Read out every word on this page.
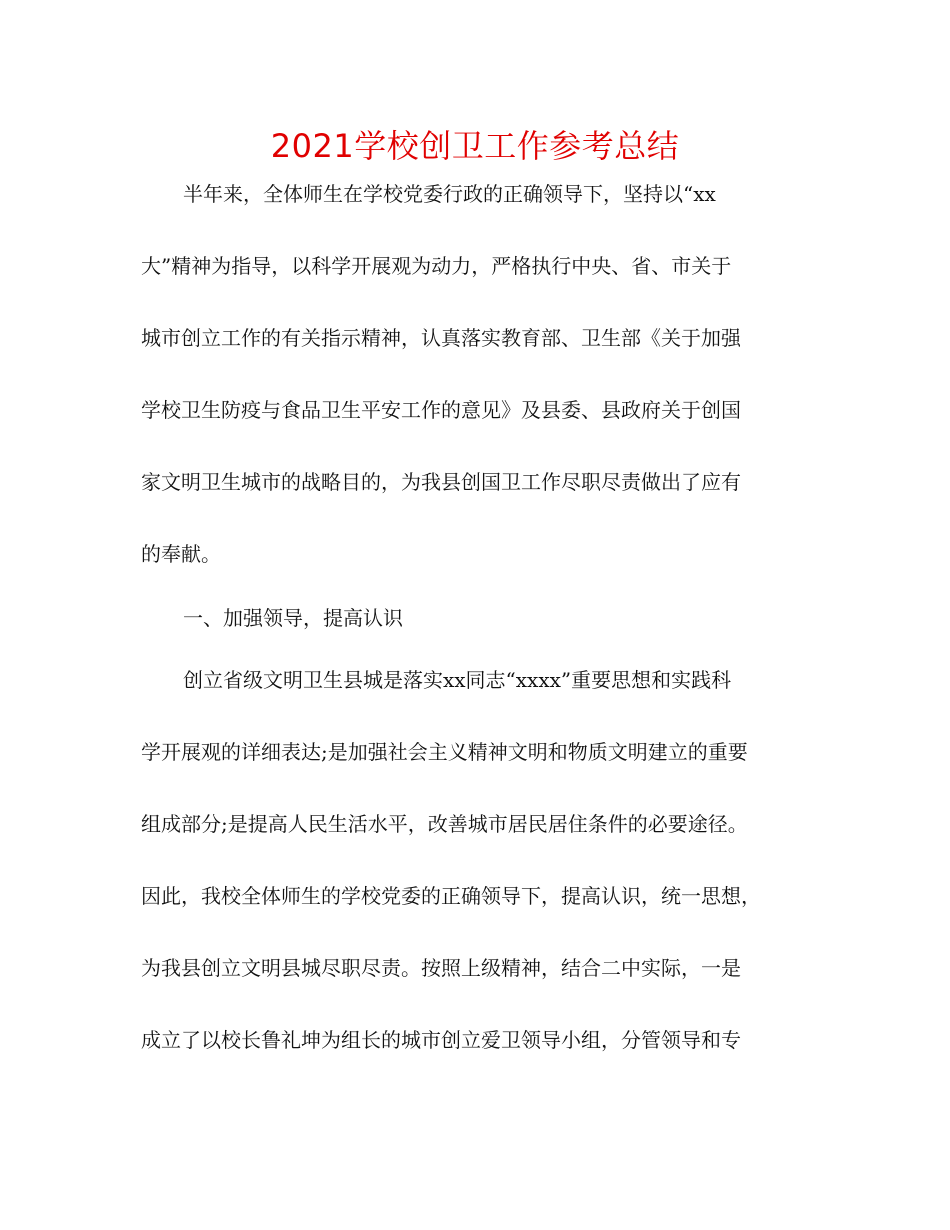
2021学校创卫工作参考总结

半年来，全体师生在学校党委行政的正确领导下，坚持以“xx

大”精神为指导，以科学开展观为动力，严格执行中央、省、市关于

城市创立工作的有关指示精神，认真落实教育部、卫生部《关于加强

学校卫生防疫与食品卫生平安工作的意见》及县委、县政府关于创国

家文明卫生城市的战略目的，为我县创国卫工作尽职尽责做出了应有

的奉献。

一、加强领导，提高认识

创立省级文明卫生县城是落实xx同志“xxxx”重要思想和实践科

学开展观的详细表达;是加强社会主义精神文明和物质文明建立的重要

组成部分;是提高人民生活水平，改善城市居民居住条件的必要途径。

因此，我校全体师生的学校党委的正确领导下，提高认识，统一思想，

为我县创立文明县城尽职尽责。按照上级精神，结合二中实际，一是

成立了以校长鲁礼坤为组长的城市创立爱卫领导小组，分管领导和专
